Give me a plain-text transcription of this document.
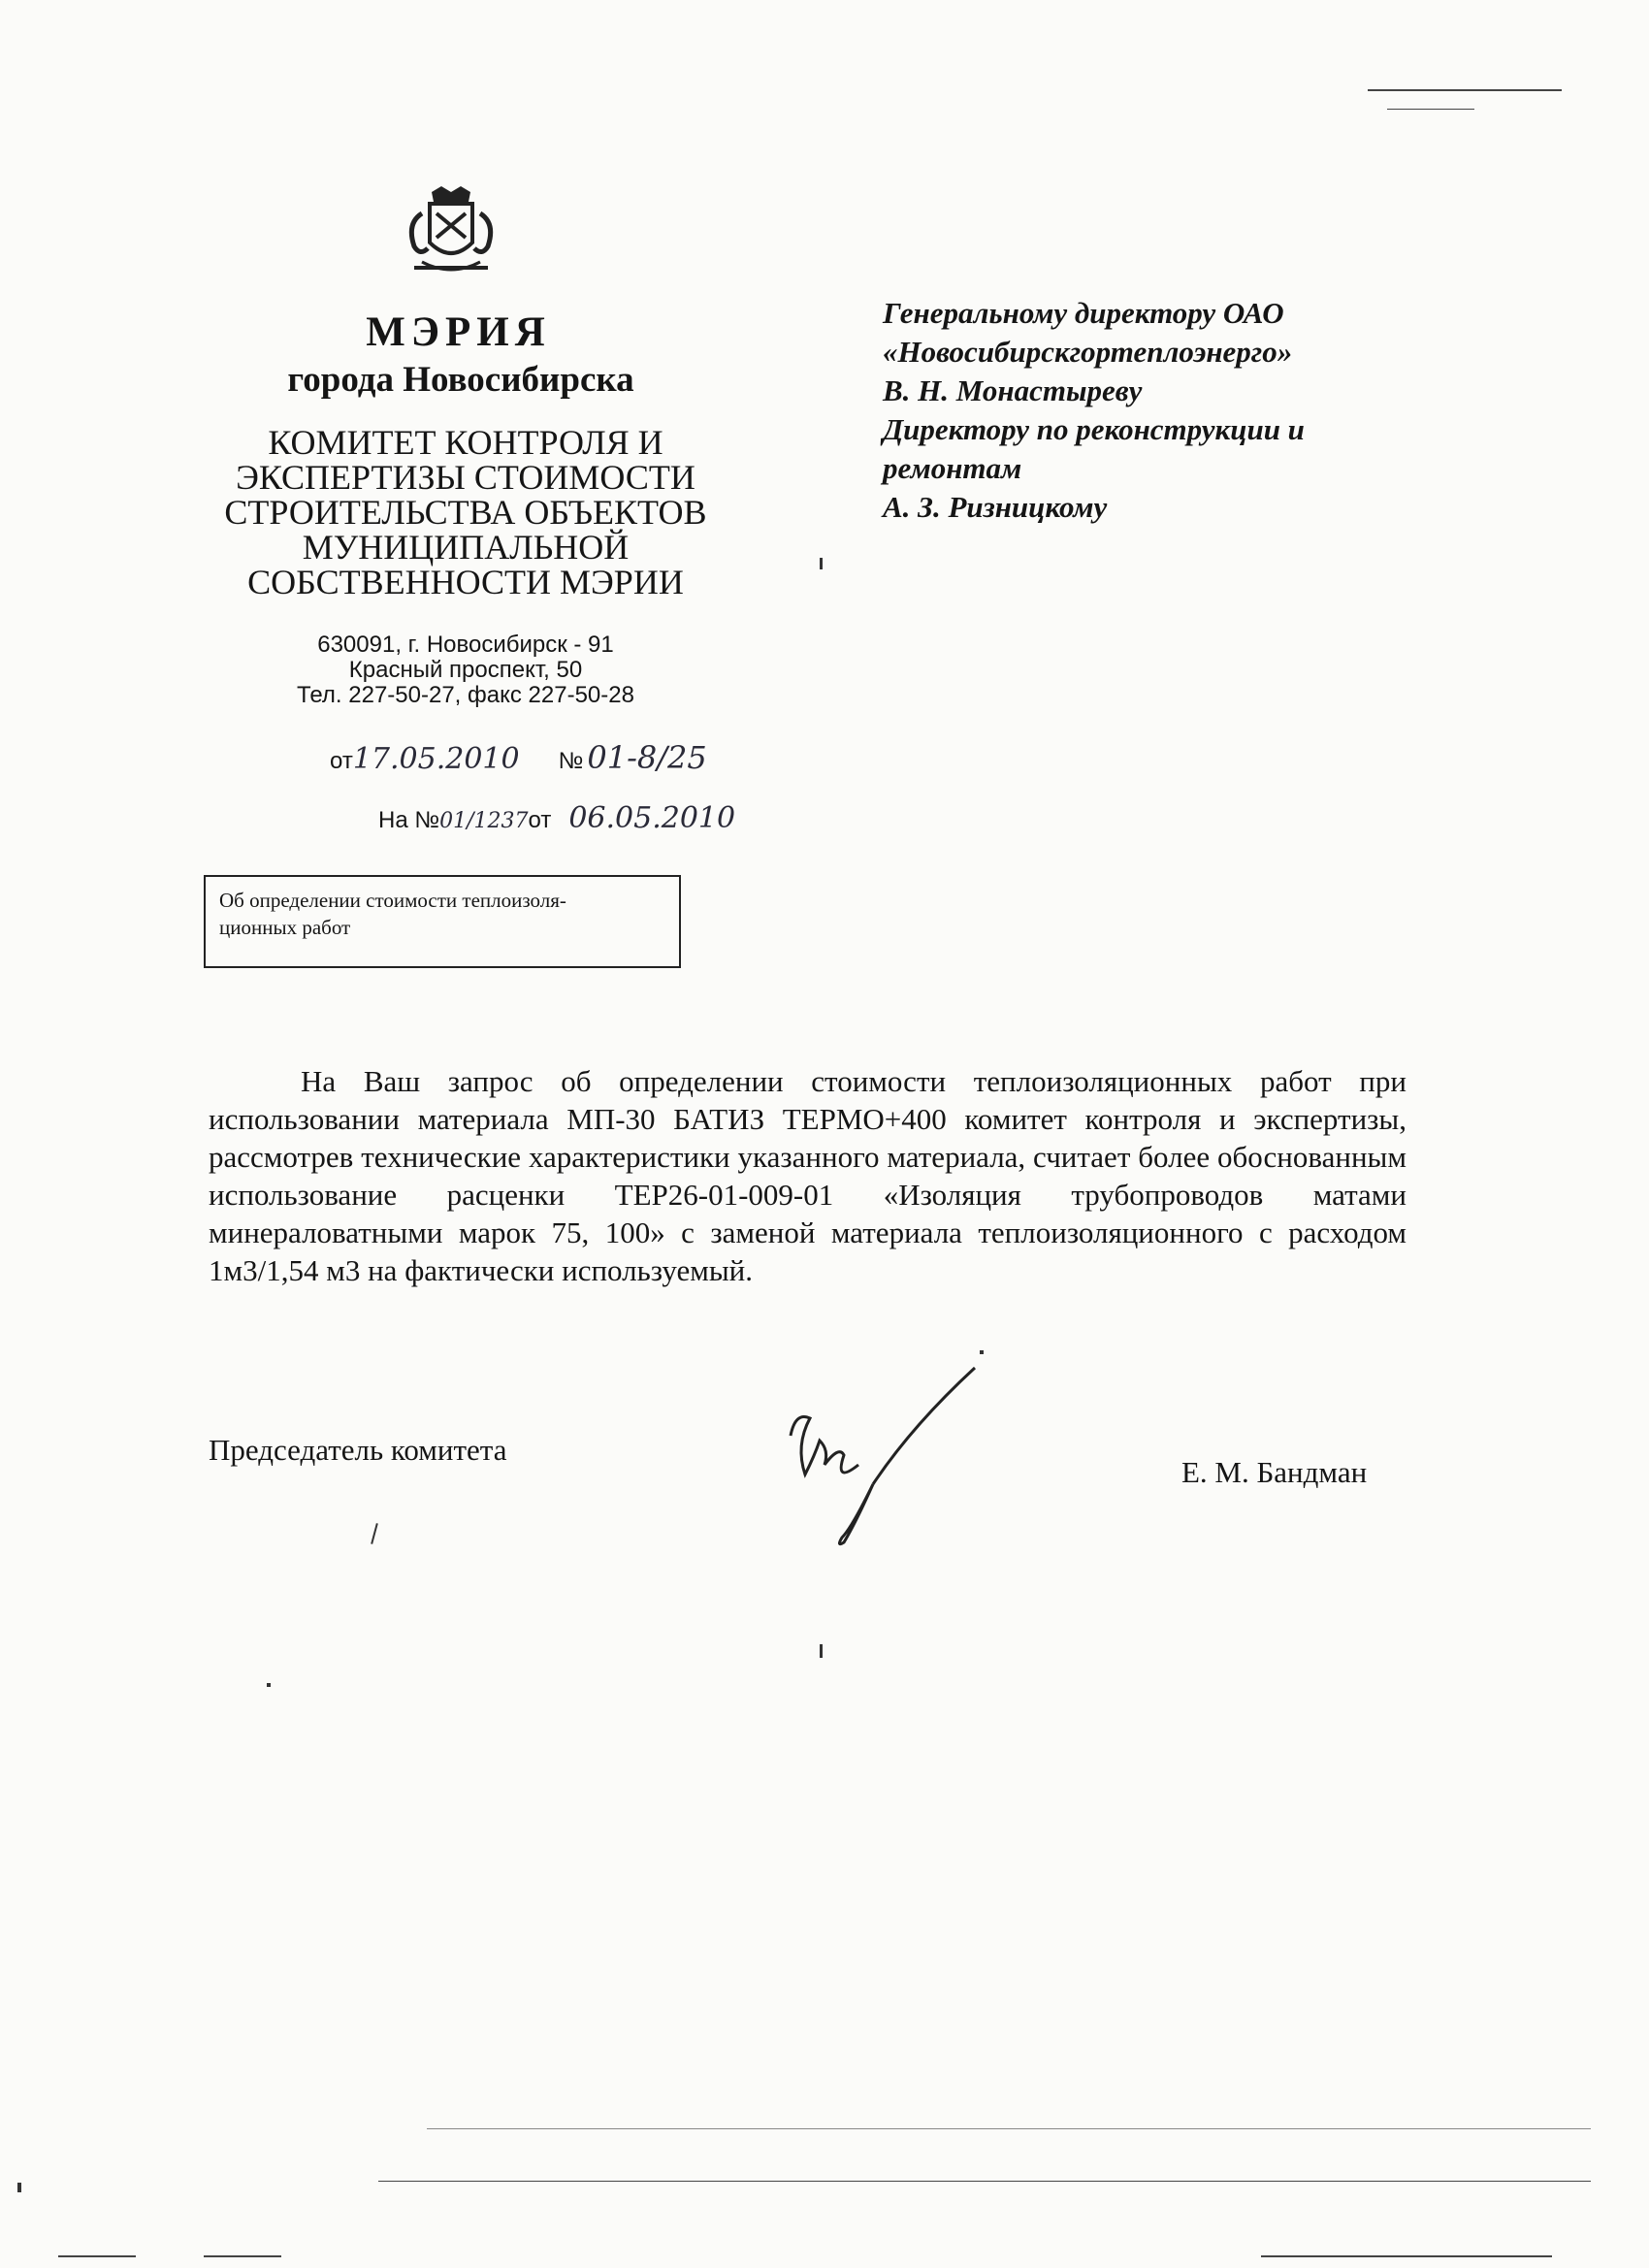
МЭРИЯ
города Новосибирска
КОМИТЕТ КОНТРОЛЯ И
ЭКСПЕРТИЗЫ СТОИМОСТИ
СТРОИТЕЛЬСТВА ОБЪЕКТОВ
МУНИЦИПАЛЬНОЙ
СОБСТВЕННОСТИ МЭРИИ
630091, г. Новосибирск - 91
Красный проспект, 50
Тел. 227-50-27, факс 227-50-28
от17.05.2010 № 01-8/25
На №01/1237от 06.05.2010
Об определении стоимости теплоизоля-
ционных работ
Генеральному директору ОАО
«Новосибирскгортеплоэнерго»
В. Н. Монастыреву
Директору по реконструкции и
ремонтам
А. З. Ризницкому
На Ваш запрос об определении стоимости теплоизоляционных работ при использовании материала МП-30 БАТИЗ ТЕРМО+400 комитет контроля и экспертизы, рассмотрев технические характеристики указанного материала, считает более обоснованным использование расценки ТЕР26-01-009-01 «Изоляция трубопроводов матами минераловатными марок 75, 100» с заменой материала теплоизоляционного с расходом 1м3/1,54 м3 на фактически используемый.
Председатель комитета
Е. М. Бандман
